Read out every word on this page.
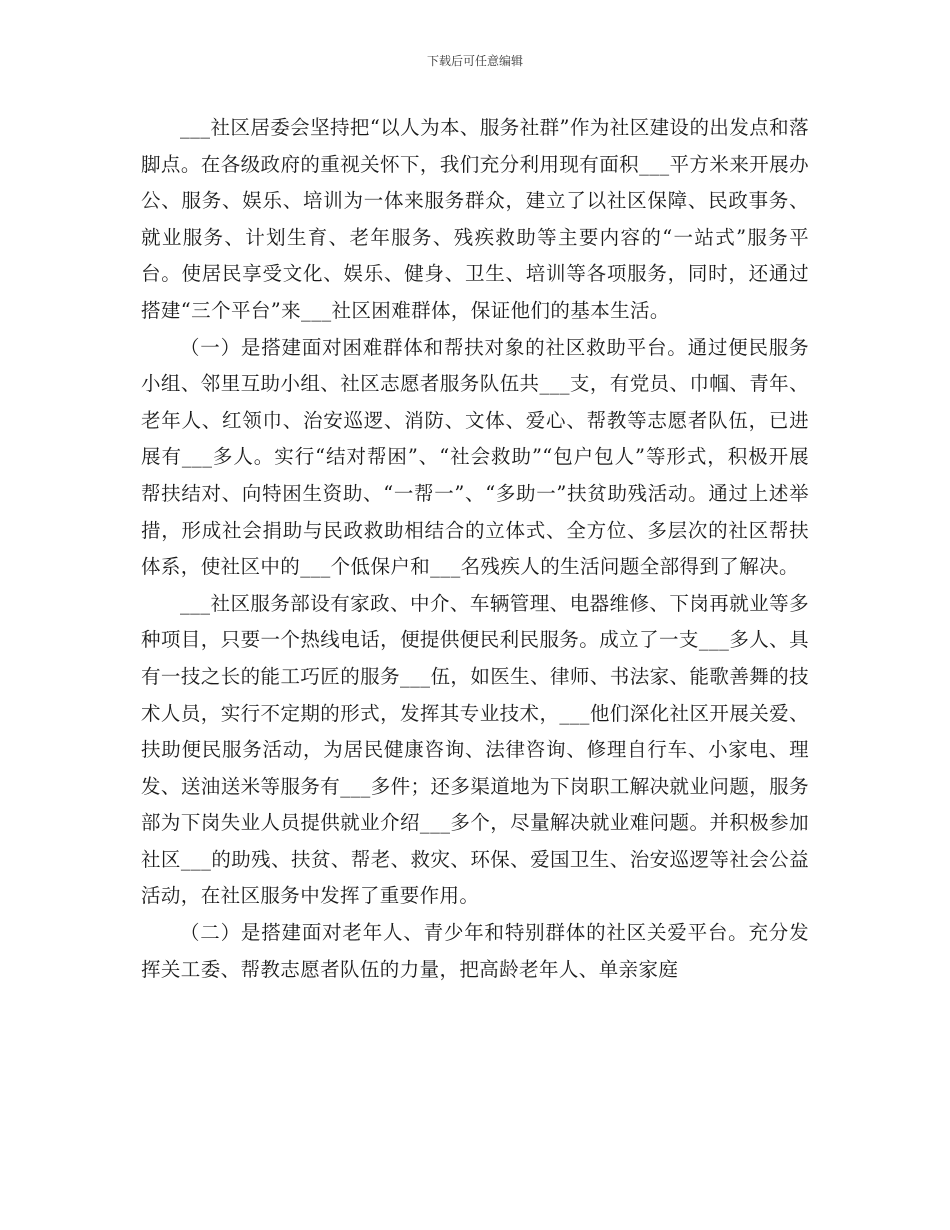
下载后可任意编辑

___社区居委会坚持把“以人为本、服务社群”作为社区建设的出发点和落脚点。在各级政府的重视关怀下，我们充分利用现有面积___平方米来开展办公、服务、娱乐、培训为一体来服务群众，建立了以社区保障、民政事务、就业服务、计划生育、老年服务、残疾救助等主要内容的“一站式”服务平台。使居民享受文化、娱乐、健身、卫生、培训等各项服务，同时，还通过搭建“三个平台”来___社区困难群体，保证他们的基本生活。

（一）是搭建面对困难群体和帮扶对象的社区救助平台。通过便民服务小组、邻里互助小组、社区志愿者服务队伍共___支，有党员、巾帼、青年、老年人、红领巾、治安巡逻、消防、文体、爱心、帮教等志愿者队伍，已进展有___多人。实行“结对帮困”、“社会救助”“包户包人”等形式，积极开展帮扶结对、向特困生资助、“一帮一”、“多助一”扶贫助残活动。通过上述举措，形成社会捐助与民政救助相结合的立体式、全方位、多层次的社区帮扶体系，使社区中的___个低保户和___名残疾人的生活问题全部得到了解决。

___社区服务部设有家政、中介、车辆管理、电器维修、下岗再就业等多种项目，只要一个热线电话，便提供便民利民服务。成立了一支___多人、具有一技之长的能工巧匠的服务___伍，如医生、律师、书法家、能歌善舞的技术人员，实行不定期的形式，发挥其专业技术，___他们深化社区开展关爱、扶助便民服务活动，为居民健康咨询、法律咨询、修理自行车、小家电、理发、送油送米等服务有___多件；还多渠道地为下岗职工解决就业问题，服务部为下岗失业人员提供就业介绍___多个，尽量解决就业难问题。并积极参加社区___的助残、扶贫、帮老、救灾、环保、爱国卫生、治安巡逻等社会公益活动，在社区服务中发挥了重要作用。

（二）是搭建面对老年人、青少年和特别群体的社区关爱平台。充分发挥关工委、帮教志愿者队伍的力量，把高龄老年人、单亲家庭
